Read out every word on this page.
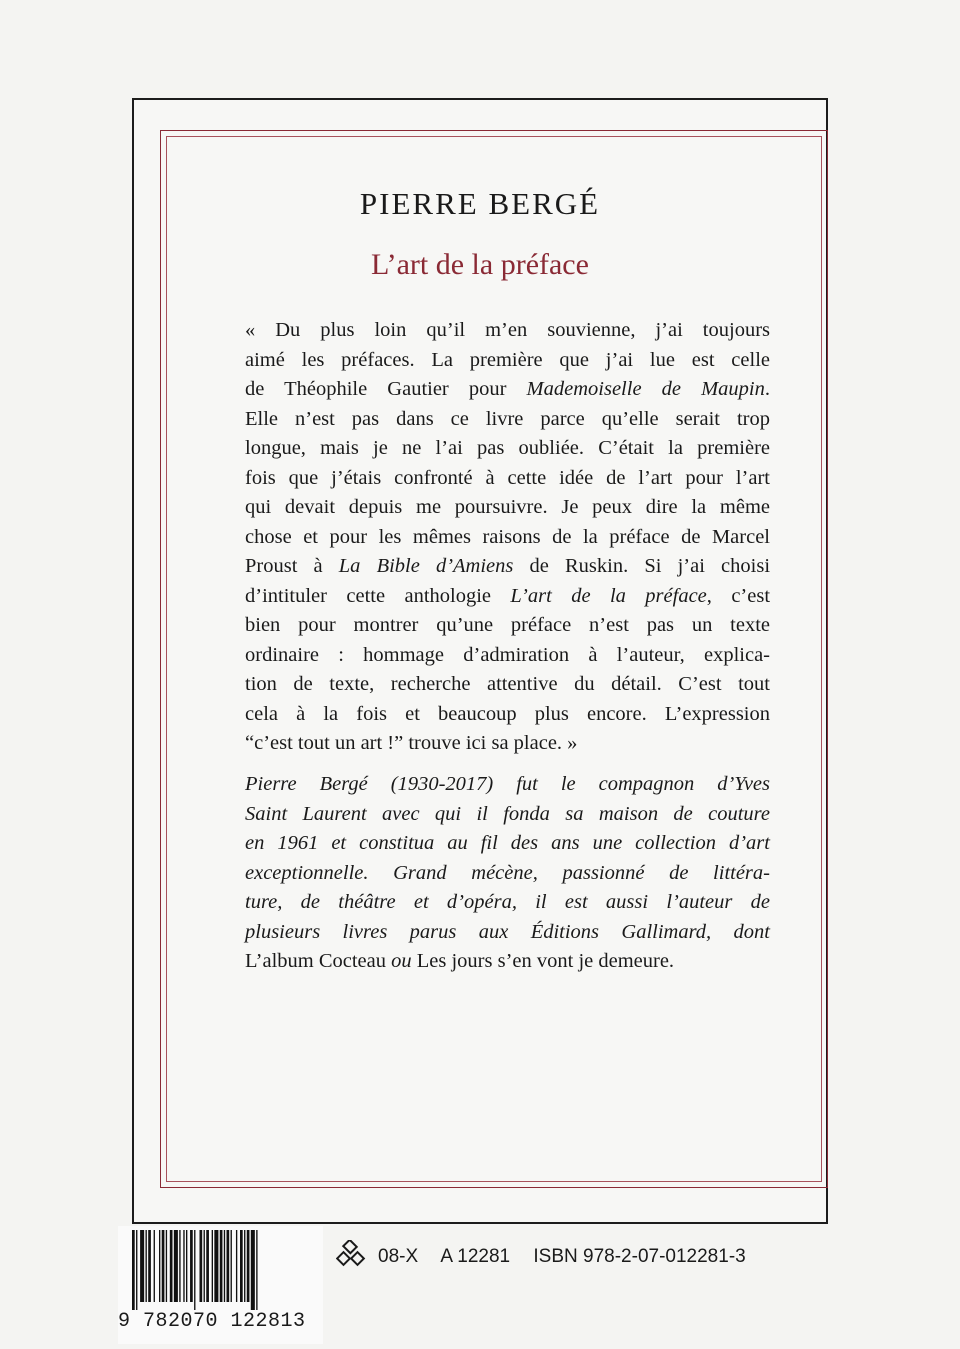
PIERRE BERGÉ
L’art de la préface
« Du plus loin qu’il m’en souvienne, j’ai toujours
aimé les préfaces. La première que j’ai lue est celle
de Théophile Gautier pour Mademoiselle de Maupin.
Elle n’est pas dans ce livre parce qu’elle serait trop
longue, mais je ne l’ai pas oubliée. C’était la première
fois que j’étais confronté à cette idée de l’art pour l’art
qui devait depuis me poursuivre. Je peux dire la même
chose et pour les mêmes raisons de la préface de Marcel
Proust à La Bible d’Amiens de Ruskin. Si j’ai choisi
d’intituler cette anthologie L’art de la préface, c’est
bien pour montrer qu’une préface n’est pas un texte
ordinaire : hommage d’admiration à l’auteur, explica-
tion de texte, recherche attentive du détail. C’est tout
cela à la fois et beaucoup plus encore. L’expression
“c’est tout un art !” trouve ici sa place. »
Pierre Bergé (1930-2017) fut le compagnon d’Yves
Saint Laurent avec qui il fonda sa maison de couture
en 1961 et constitua au fil des ans une collection d’art
exceptionnelle. Grand mécène, passionné de littéra-
ture, de théâtre et d’opéra, il est aussi l’auteur de
plusieurs livres parus aux Éditions Gallimard, dont
L’album Cocteau ou Les jours s’en vont je demeure.
9 782070 122813
08-X A 12281 ISBN 978-2-07-012281-3
